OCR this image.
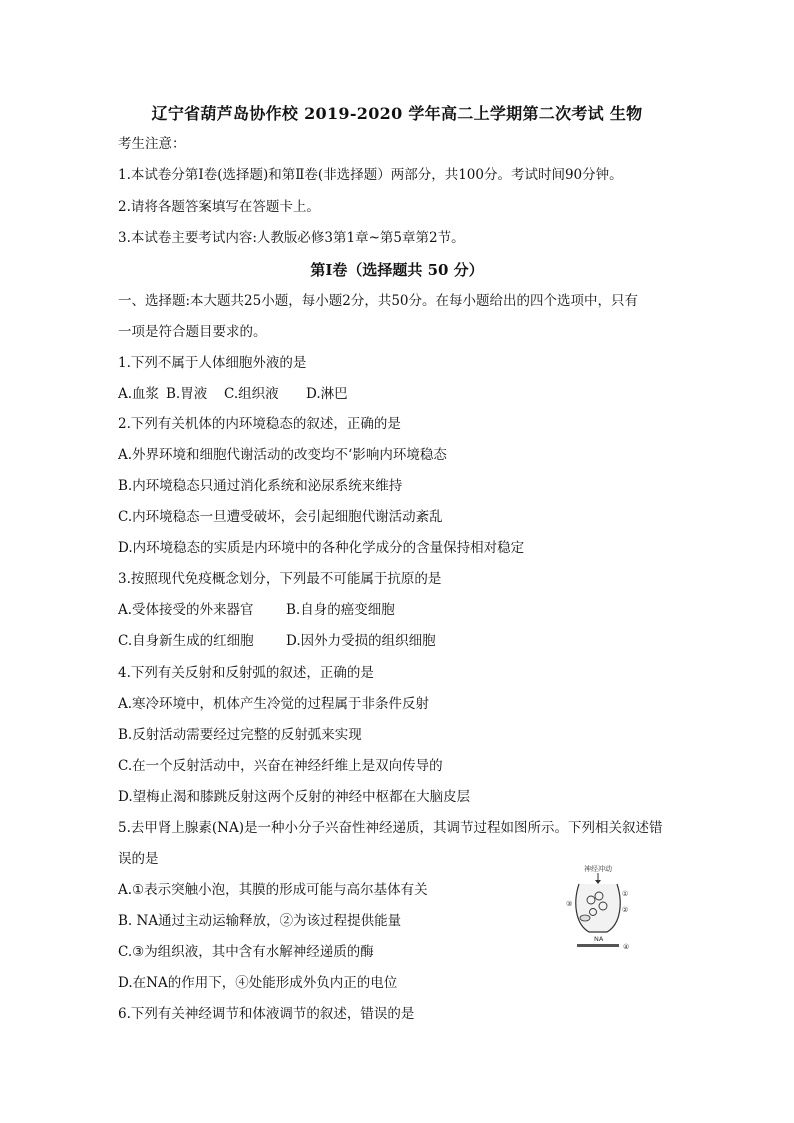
辽宁省葫芦岛协作校 2019-2020 学年高二上学期第二次考试 生物
考生注意：
1.本试卷分第Ⅰ卷(选择题)和第Ⅱ卷(非选择题）两部分，共100分。考试时间90分钟。
2.请将各题答案填写在答题卡上。
3.本试卷主要考试内容:人教版必修3第1章~第5章第2节。
第Ⅰ卷（选择题共 50 分）
一、选择题:本大题共25小题，每小题2分，共50分。在每小题给出的四个选项中，只有
一项是符合题目要求的。
1.下列不属于人体细胞外液的是
A.血浆 B.胃液 C.组织液 D.淋巴
2.下列有关机体的内环境稳态的叙述，正确的是
A.外界环境和细胞代谢活动的改变均不‘影响内环境稳态
B.内环境稳态只通过消化系统和泌尿系统来维持
C.内环境稳态一旦遭受破坏，会引起细胞代谢活动紊乱
D.内环境稳态的实质是内环境中的各种化学成分的含量保持相对稳定
3.按照现代免疫概念划分，下列最不可能属于抗原的是
A.受体接受的外来器官 B.自身的癌变细胞
C.自身新生成的红细胞 D.因外力受损的组织细胞
4.下列有关反射和反射弧的叙述，正确的是
A.寒冷环境中，机体产生冷觉的过程属于非条件反射
B.反射活动需要经过完整的反射弧来实现
C.在一个反射活动中，兴奋在神经纤维上是双向传导的
D.望梅止渴和膝跳反射这两个反射的神经中枢都在大脑皮层
5.去甲肾上腺素(NA)是一种小分子兴奋性神经递质，其调节过程如图所示。下列相关叙述错
误的是
A.①表示突触小泡，其膜的形成可能与高尔基体有关
B. NA通过主动运输释放，②为该过程提供能量
C.③为组织液，其中含有水解神经递质的酶
D.在NA的作用下，④处能形成外负内正的电位
神经冲动
NA
③
①
②
④
6.下列有关神经调节和体液调节的叙述，错误的是
